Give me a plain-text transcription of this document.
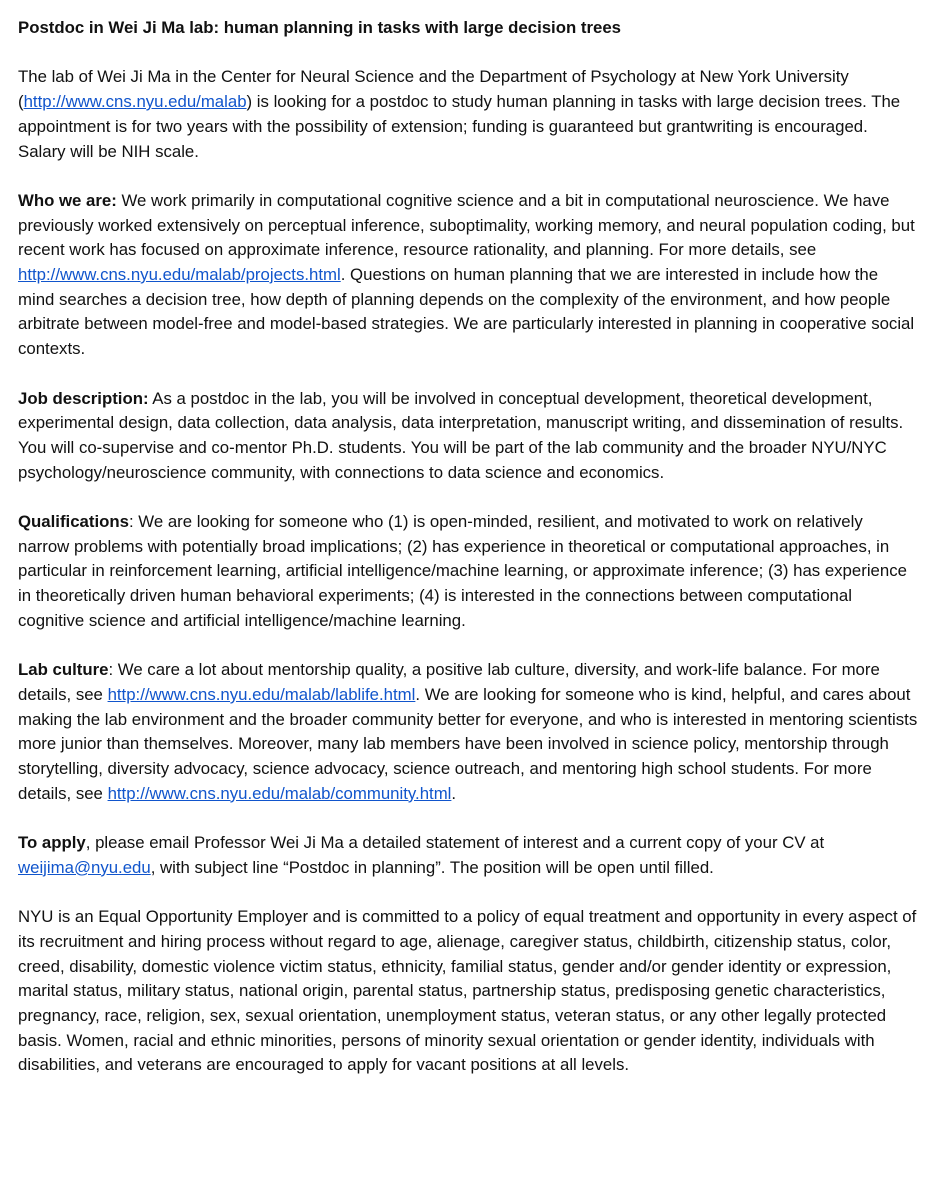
Postdoc in Wei Ji Ma lab: human planning in tasks with large decision trees

The lab of Wei Ji Ma in the Center for Neural Science and the Department of Psychology at New York University (http://www.cns.nyu.edu/malab) is looking for a postdoc to study human planning in tasks with large decision trees. The appointment is for two years with the possibility of extension; funding is guaranteed but grantwriting is encouraged. Salary will be NIH scale.

Who we are: We work primarily in computational cognitive science and a bit in computational neuroscience. We have previously worked extensively on perceptual inference, suboptimality, working memory, and neural population coding, but recent work has focused on approximate inference, resource rationality, and planning. For more details, see http://www.cns.nyu.edu/malab/projects.html. Questions on human planning that we are interested in include how the mind searches a decision tree, how depth of planning depends on the complexity of the environment, and how people arbitrate between model-free and model-based strategies. We are particularly interested in planning in cooperative social contexts.

Job description: As a postdoc in the lab, you will be involved in conceptual development, theoretical development, experimental design, data collection, data analysis, data interpretation, manuscript writing, and dissemination of results. You will co-supervise and co-mentor Ph.D. students. You will be part of the lab community and the broader NYU/NYC psychology/neuroscience community, with connections to data science and economics.

Qualifications: We are looking for someone who (1) is open-minded, resilient, and motivated to work on relatively narrow problems with potentially broad implications; (2) has experience in theoretical or computational approaches, in particular in reinforcement learning, artificial intelligence/machine learning, or approximate inference; (3) has experience in theoretically driven human behavioral experiments; (4) is interested in the connections between computational cognitive science and artificial intelligence/machine learning.

Lab culture: We care a lot about mentorship quality, a positive lab culture, diversity, and work-life balance. For more details, see http://www.cns.nyu.edu/malab/lablife.html. We are looking for someone who is kind, helpful, and cares about making the lab environment and the broader community better for everyone, and who is interested in mentoring scientists more junior than themselves. Moreover, many lab members have been involved in science policy, mentorship through storytelling, diversity advocacy, science advocacy, science outreach, and mentoring high school students. For more details, see http://www.cns.nyu.edu/malab/community.html.

To apply, please email Professor Wei Ji Ma a detailed statement of interest and a current copy of your CV at weijima@nyu.edu, with subject line “Postdoc in planning”. The position will be open until filled.

NYU is an Equal Opportunity Employer and is committed to a policy of equal treatment and opportunity in every aspect of its recruitment and hiring process without regard to age, alienage, caregiver status, childbirth, citizenship status, color, creed, disability, domestic violence victim status, ethnicity, familial status, gender and/or gender identity or expression, marital status, military status, national origin, parental status, partnership status, predisposing genetic characteristics, pregnancy, race, religion, sex, sexual orientation, unemployment status, veteran status, or any other legally protected basis. Women, racial and ethnic minorities, persons of minority sexual orientation or gender identity, individuals with disabilities, and veterans are encouraged to apply for vacant positions at all levels.
